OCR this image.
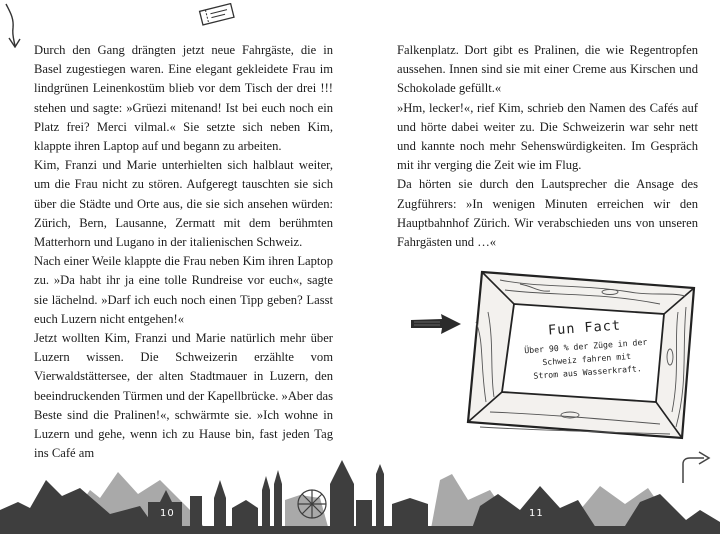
Durch den Gang drängten jetzt neue Fahrgäste, die in Basel zugestiegen waren. Eine elegant gekleidete Frau im lindgrünen Leinenkostüm blieb vor dem Tisch der drei !!! stehen und sagte: »Grüezi mitenand! Ist bei euch noch ein Platz frei? Merci vilmal.« Sie setzte sich neben Kim, klappte ihren Laptop auf und begann zu arbeiten.

Kim, Franzi und Marie unterhielten sich halblaut weiter, um die Frau nicht zu stören. Aufgeregt tauschten sie sich über die Städte und Orte aus, die sie sich ansehen würden: Zürich, Bern, Lausanne, Zermatt mit dem berühmten Matterhorn und Lugano in der italienischen Schweiz.

Nach einer Weile klappte die Frau neben Kim ihren Laptop zu. »Da habt ihr ja eine tolle Rundreise vor euch«, sagte sie lächelnd. »Darf ich euch noch einen Tipp geben? Lasst euch Luzern nicht entgehen!«

Jetzt wollten Kim, Franzi und Marie natürlich mehr über Luzern wissen. Die Schweizerin erzählte vom Vierwaldstättersee, der alten Stadtmauer in Luzern, den beeindruckenden Türmen und der Kapellbrücke. »Aber das Beste sind die Pralinen!«, schwärmte sie. »Ich wohne in Luzern und gehe, wenn ich zu Hause bin, fast jeden Tag ins Café am

Falkenplatz. Dort gibt es Pralinen, die wie Regentropfen aussehen. Innen sind sie mit einer Creme aus Kirschen und Schokolade gefüllt.«

»Hm, lecker!«, rief Kim, schrieb den Namen des Cafés auf und hörte dabei weiter zu. Die Schweizerin war sehr nett und kannte noch mehr Sehenswürdigkeiten. Im Gespräch mit ihr verging die Zeit wie im Flug.

Da hörten sie durch den Lautsprecher die Ansage des Zugführers: »In wenigen Minuten erreichen wir den Hauptbahnhof Zürich. Wir verabschieden uns von unseren Fahrgästen und …«

Fun Fact
Über 90 % der Züge in der
Schweiz fahren mit
Strom aus Wasserkraft.
10	11
